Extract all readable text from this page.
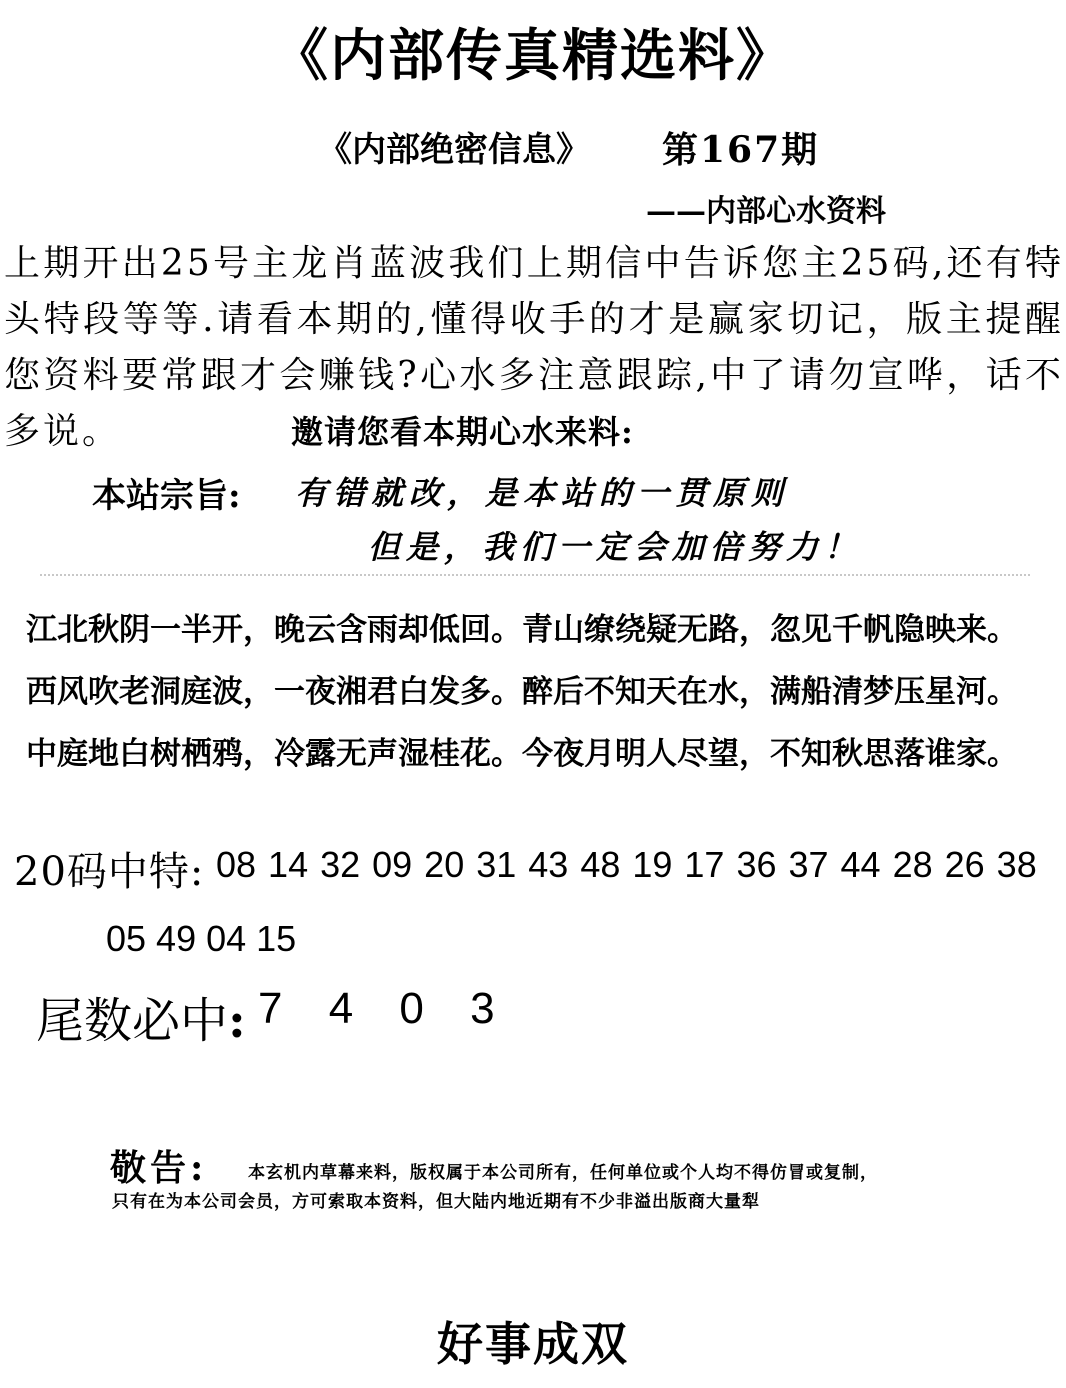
《内部传真精选料》
《内部绝密信息》 第167期
——内部心水资料
上期开出25号主龙肖蓝波我们上期信中告诉您主25码,还有特头特段等等.请看本期的,懂得收手的才是赢家切记，版主提醒您资料要常跟才会赚钱?心水多注意跟踪,中了请勿宣哗，话不多说。	邀请您看本期心水来料:
本站宗旨: 有错就改，是本站的一贯原则
但是，我们一定会加倍努力！
江北秋阴一半开，晚云含雨却低回。青山缭绕疑无路，忽见千帆隐映来。
西风吹老洞庭波，一夜湘君白发多。醉后不知天在水，满船清梦压星河。
中庭地白树栖鸦，冷露无声湿桂花。今夜月明人尽望，不知秋思落谁家。
20码中特: 08 14 32 09 20 31 43 48 19 17 36 37 44 28 26 38
05 49 04 15
尾数必中: 7 4 0 3
敬告: 本玄机内草幕来料，版权属于本公司所有，任何单位或个人均不得仿冒或复制，
只有在为本公司会员，方可索取本资料，但大陆内地近期有不少非溢出版商大量犁
好事成双
